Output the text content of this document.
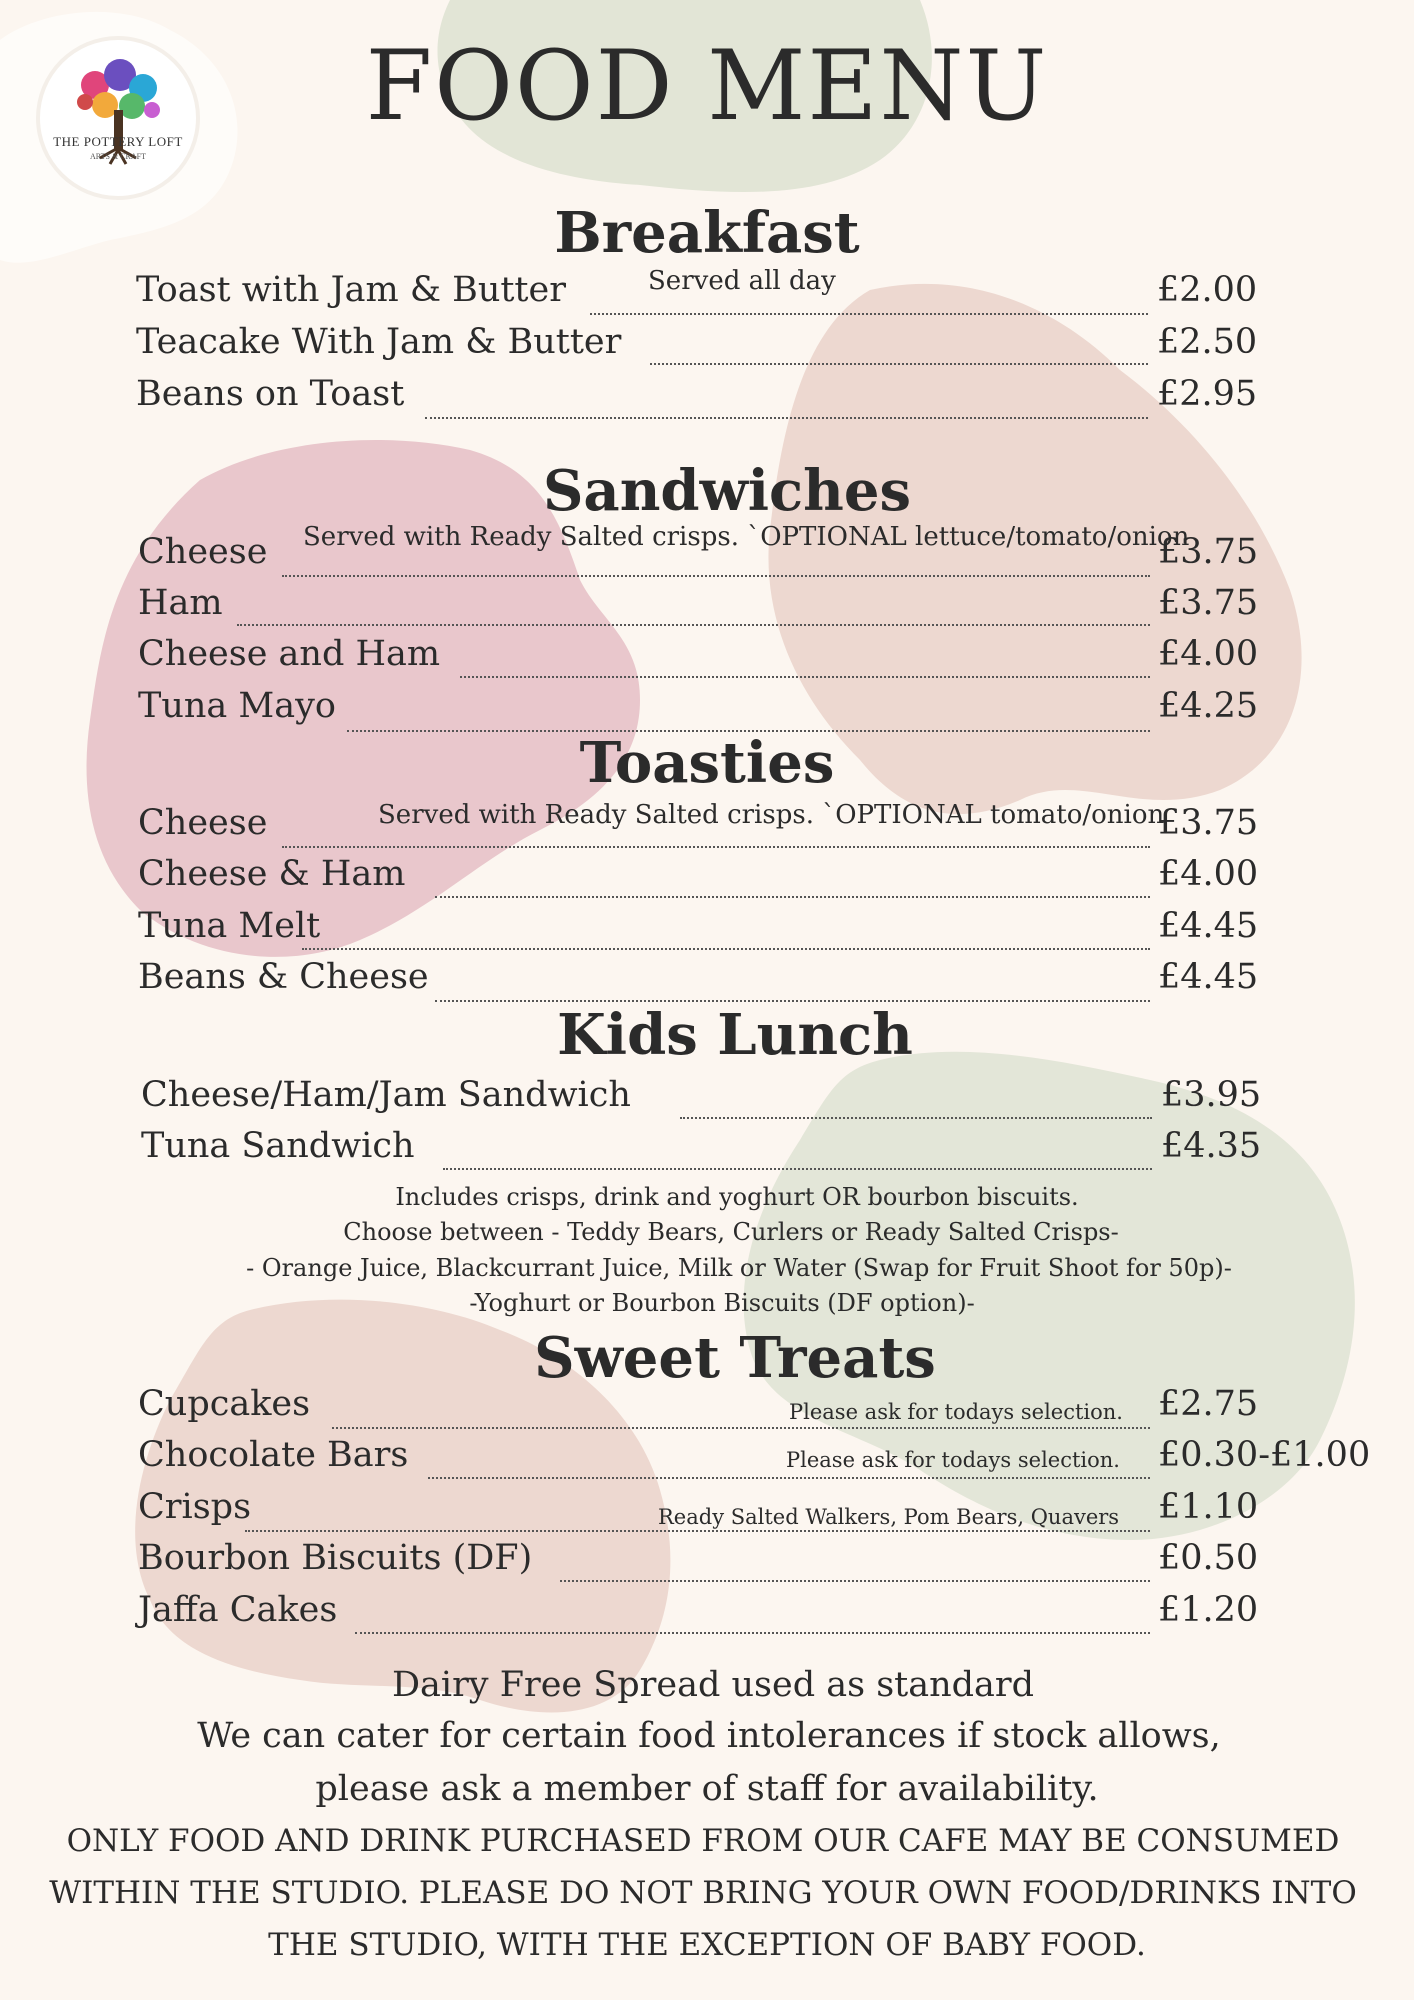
THE POTTERY LOFT
ARTS & CRAFT
FOOD MENU
Breakfast
Served all day
Toast with Jam & Butter	£2.00
Teacake With Jam & Butter	£2.50
Beans on Toast	£2.95
Sandwiches
Served with Ready Salted crisps. `OPTIONAL lettuce/tomato/onion
Cheese	£3.75
Ham	£3.75
Cheese and Ham	£4.00
Tuna Mayo	£4.25
Toasties
Served with Ready Salted crisps. `OPTIONAL tomato/onion
Cheese	£3.75
Cheese & Ham	£4.00
Tuna Melt	£4.45
Beans & Cheese	£4.45
Kids Lunch
Cheese/Ham/Jam Sandwich	£3.95
Tuna Sandwich	£4.35
Includes crisps, drink and yoghurt OR bourbon biscuits.
Choose between - Teddy Bears, Curlers or Ready Salted Crisps-
- Orange Juice, Blackcurrant Juice, Milk or Water (Swap for Fruit Shoot for 50p)-
-Yoghurt or Bourbon Biscuits (DF option)-
Sweet Treats
Cupcakes	Please ask for todays selection. £2.75
Chocolate Bars	Please ask for todays selection. £0.30-£1.00
Crisps	Ready Salted Walkers, Pom Bears, Quavers £1.10
Bourbon Biscuits (DF)	£0.50
Jaffa Cakes	£1.20
Dairy Free Spread used as standard
We can cater for certain food intolerances if stock allows,
please ask a member of staff for availability.
ONLY FOOD AND DRINK PURCHASED FROM OUR CAFE MAY BE CONSUMED
WITHIN THE STUDIO. PLEASE DO NOT BRING YOUR OWN FOOD/DRINKS INTO
THE STUDIO, WITH THE EXCEPTION OF BABY FOOD.
